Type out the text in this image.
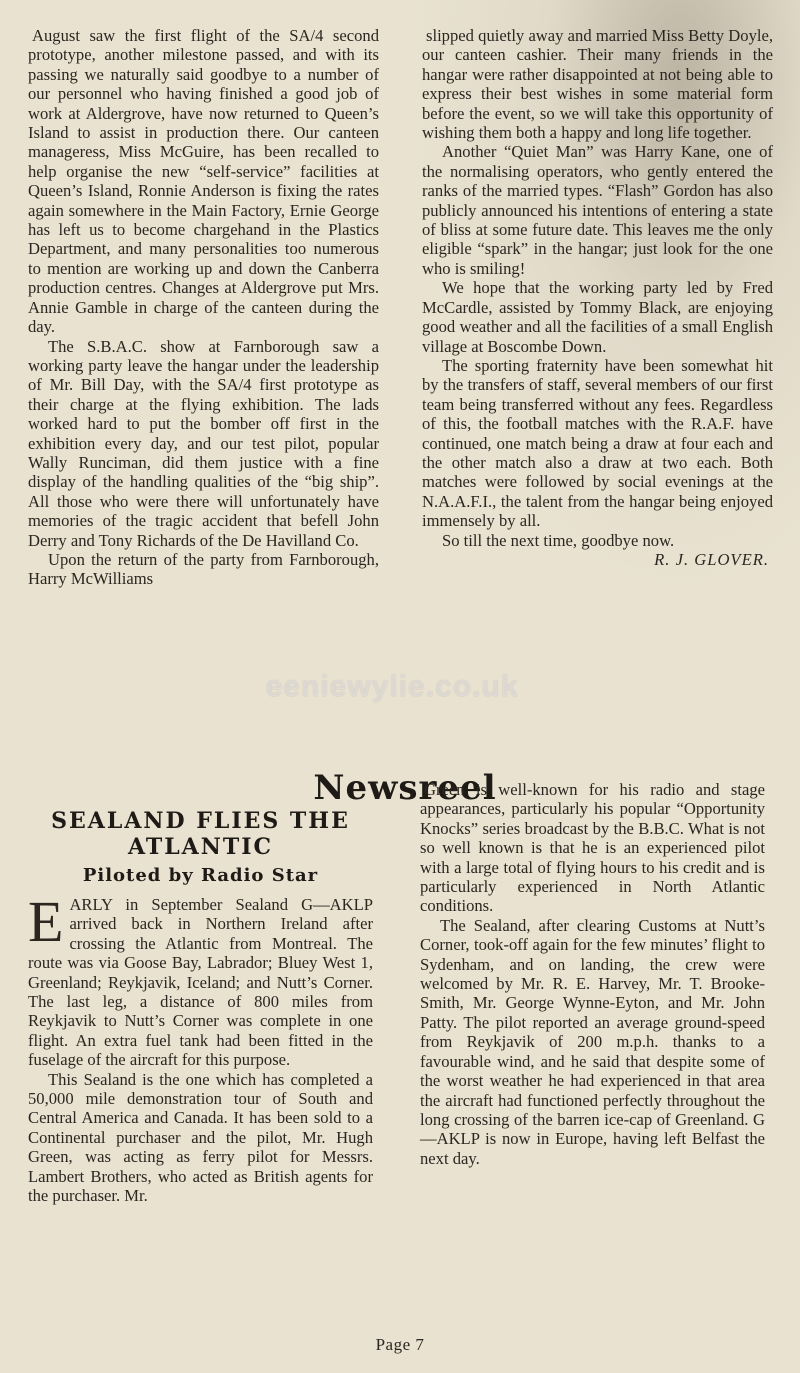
August saw the first flight of the SA/4 second prototype, another milestone passed, and with its passing we naturally said goodbye to a number of our personnel who having finished a good job of work at Aldergrove, have now returned to Queen’s Island to assist in production there. Our canteen manageress, Miss McGuire, has been recalled to help organise the new “self-service” facilities at Queen’s Island, Ronnie Anderson is fixing the rates again somewhere in the Main Factory, Ernie George has left us to become chargehand in the Plastics Department, and many personalities too numerous to mention are working up and down the Canberra production centres. Changes at Aldergrove put Mrs. Annie Gamble in charge of the canteen during the day.

The S.B.A.C. show at Farnborough saw a working party leave the hangar under the leadership of Mr. Bill Day, with the SA/4 first prototype as their charge at the flying exhibition. The lads worked hard to put the bomber off first in the exhibition every day, and our test pilot, popular Wally Runciman, did them justice with a fine display of the handling qualities of the “big ship”. All those who were there will unfortunately have memories of the tragic accident that befell John Derry and Tony Richards of the De Havilland Co.

Upon the return of the party from Farnborough, Harry McWilliams

slipped quietly away and married Miss Betty Doyle, our canteen cashier. Their many friends in the hangar were rather disappointed at not being able to express their best wishes in some material form before the event, so we will take this opportunity of wishing them both a happy and long life together.

Another “Quiet Man” was Harry Kane, one of the normalising operators, who gently entered the ranks of the married types. “Flash” Gordon has also publicly announced his intentions of entering a state of bliss at some future date. This leaves me the only eligible “spark” in the hangar; just look for the one who is smiling!

We hope that the working party led by Fred McCardle, assisted by Tommy Black, are enjoying good weather and all the facilities of a small English village at Boscombe Down.

The sporting fraternity have been somewhat hit by the transfers of staff, several members of our first team being transferred without any fees. Regardless of this, the football matches with the R.A.F. have continued, one match being a draw at four each and the other match also a draw at two each. Both matches were followed by social evenings at the N.A.A.F.I., the talent from the hangar being enjoyed immensely by all.

So till the next time, goodbye now.

R. J. GLOVER.
Newsreel
SEALAND FLIES THE ATLANTIC
Piloted by Radio Star

EARLY in September Sealand G—AKLP arrived back in Northern Ireland after crossing the Atlantic from Montreal. The route was via Goose Bay, Labrador; Bluey West 1, Greenland; Reykjavik, Iceland; and Nutt’s Corner. The last leg, a distance of 800 miles from Reykjavik to Nutt’s Corner was complete in one flight. An extra fuel tank had been fitted in the fuselage of the aircraft for this purpose.

This Sealand is the one which has completed a 50,000 mile demonstration tour of South and Central America and Canada. It has been sold to a Continental purchaser and the pilot, Mr. Hugh Green, was acting as ferry pilot for Messrs. Lambert Brothers, who acted as British agents for the purchaser. Mr.

Green is well-known for his radio and stage appearances, particularly his popular “Opportunity Knocks” series broadcast by the B.B.C. What is not so well known is that he is an experienced pilot with a large total of flying hours to his credit and is particularly experienced in North Atlantic conditions.

The Sealand, after clearing Customs at Nutt’s Corner, took-off again for the few minutes’ flight to Sydenham, and on landing, the crew were welcomed by Mr. R. E. Harvey, Mr. T. Brooke-Smith, Mr. George Wynne-Eyton, and Mr. John Patty. The pilot reported an average ground-speed from Reykjavik of 200 m.p.h. thanks to a favourable wind, and he said that despite some of the worst weather he had experienced in that area the aircraft had functioned perfectly throughout the long crossing of the barren ice-cap of Greenland. G—AKLP is now in Europe, having left Belfast the next day.

eeniewylie.co.uk
Page 7
